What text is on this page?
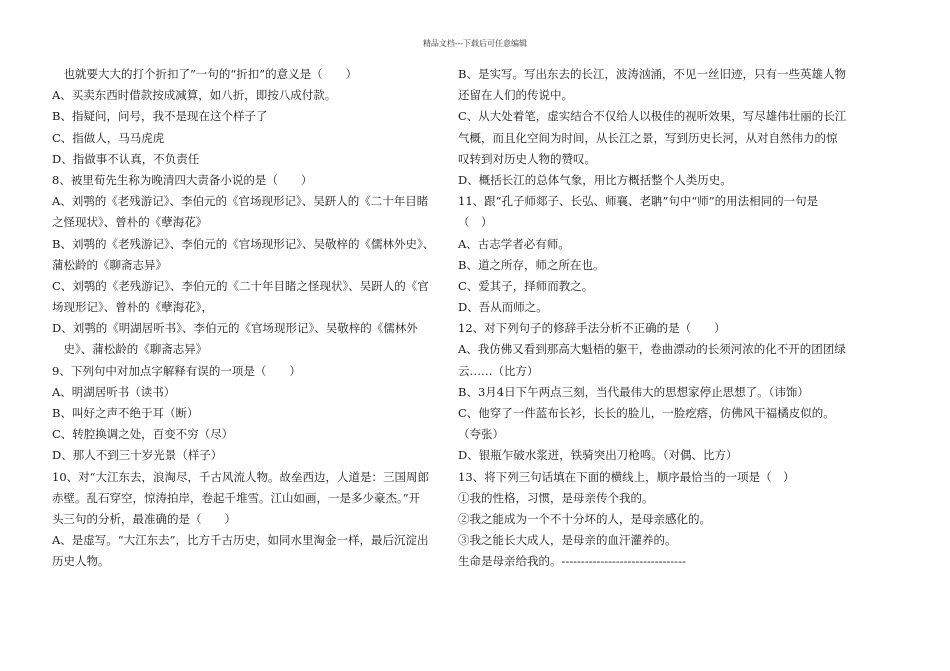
精品文档---下载后可任意编辑
　也就要大大的打个折扣了”一句的“折扣”的意义是（　　）
A、买卖东西时借款按成减算，如八折，即按八成付款。
B、指疑问，问号，我不是现在这个样子了
C、指做人，马马虎虎
D、指做事不认真，不负责任
8、被里荀先生称为晚清四大责备小说的是（　　）
A、刘鹗的《老残游记》、李伯元的《官场现形记》、吴趼人的《二十年目睹
之怪现状》、曾朴的《孽海花》
B、刘鹗的《老残游记》、李伯元的《官场现形记》、吴敬梓的《儒林外史》、
蒲松龄的《聊斋志异》
C、刘鹗的《老残游记》、李伯元的《二十年目睹之怪现状》、吴趼人的《官
场现形记》、曾朴的《孽海花》，
D、刘鹗的《明湖居听书》、李伯元的《官场现形记》、吴敬梓的《儒林外
　史》、蒲松龄的《聊斋志异》
9、下列句中对加点字解释有误的一项是（　　）
A、明湖居听书（读书）
B、叫好之声不绝于耳（断）
C、转腔换调之处，百变不穷（尽）
D、那人不到三十岁光景（样子）
10、对“大江东去，浪淘尽，千古风流人物。故垒西边，人道是：三国周郎
赤壁。乱石穿空，惊涛拍岸，卷起千堆雪。江山如画，一是多少豪杰。”开
头三句的分析，最准确的是（　　）
A、是虚写。“大江东去”，比方千古历史，如同水里淘金一样，最后沉淀出
历史人物。
B、是实写。写出东去的长江，波涛汹涌，不见一丝旧迹，只有一些英雄人物
还留在人们的传说中。
C、从大处着笔，虚实结合不仅给人以极佳的视听效果，写尽雄伟壮丽的长江
气概，而且化空间为时间，从长江之景，写到历史长河，从对自然伟力的惊
叹转到对历史人物的赞叹。
D、概括长江的总体气象，用比方概括整个人类历史。
11、跟“孔子师郯子、长弘、师襄、老聃”句中“师”的用法相同的一句是
（　）
A、古志学者必有师。
B、道之所存，师之所在也。
C、爱其子，择师而教之。
D、吾从而师之。
12、对下列句子的修辞手法分析不正确的是（　　）
A、我仿佛又看到那高大魁梧的躯干，卷曲漂动的长须河浓的化不开的团团绿
云……（比方）
B、3月4日下午两点三刻，当代最伟大的思想家停止思想了。（讳饰）
C、他穿了一件蓝布长衫，长长的脸儿，一脸疙瘩，仿佛风干福橘皮似的。
（夸张）
D、银瓶乍破水浆迸，铁骑突出刀枪鸣。（对偶、比方）
13、将下列三句话填在下面的横线上，顺序最恰当的一项是（　）
①我的性格，习惯，是母亲传个我的。
②我之能成为一个不十分坏的人，是母亲感化的。
③我之能长大成人，是母亲的血汗灌养的。
生命是母亲给我的。--------------------------------
